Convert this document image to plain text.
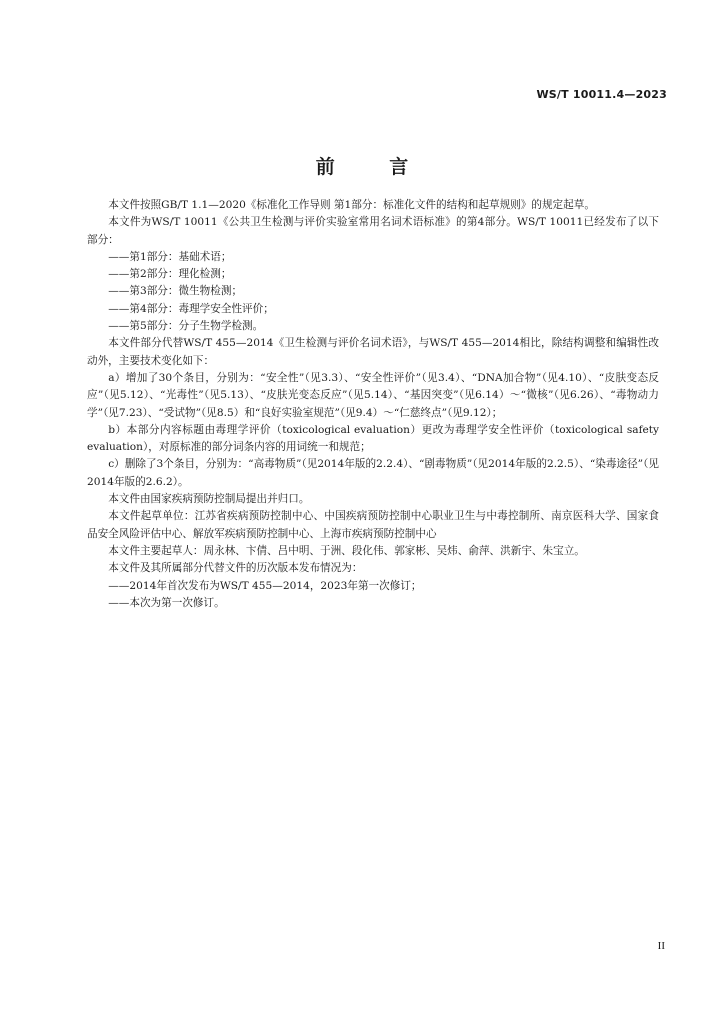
WS/T 10011.4—2023
前 言

本文件按照GB/T 1.1—2020《标准化工作导则 第1部分：标准化文件的结构和起草规则》的规定起草。

本文件为WS/T 10011《公共卫生检测与评价实验室常用名词术语标准》的第4部分。WS/T 10011已经发布了以下部分：

——第1部分：基础术语；

——第2部分：理化检测；

——第3部分：微生物检测；

——第4部分：毒理学安全性评价；

——第5部分：分子生物学检测。

本文件部分代替WS/T 455—2014《卫生检测与评价名词术语》，与WS/T 455—2014相比，除结构调整和编辑性改动外，主要技术变化如下：

a）增加了30个条目，分别为：“安全性”（见3.3）、“安全性评价”（见3.4）、“DNA加合物”（见4.10）、“皮肤变态反应”（见5.12）、“光毒性”（见5.13）、“皮肤光变态反应”（见5.14）、“基因突变”（见6.14）～“微核”（见6.26）、“毒物动力学”（见7.23）、“受试物”（见8.5）和“良好实验室规范”（见9.4）～“仁慈终点”（见9.12）；

b）本部分内容标题由毒理学评价（toxicological evaluation）更改为毒理学安全性评价（toxicological safety evaluation），对原标准的部分词条内容的用词统一和规范；

c）删除了3个条目，分别为：“高毒物质”（见2014年版的2.2.4）、“剧毒物质”（见2014年版的2.2.5）、“染毒途径”（见2014年版的2.6.2）。

本文件由国家疾病预防控制局提出并归口。

本文件起草单位：江苏省疾病预防控制中心、中国疾病预防控制中心职业卫生与中毒控制所、南京医科大学、国家食品安全风险评估中心、解放军疾病预防控制中心、上海市疾病预防控制中心

本文件主要起草人：周永林、卞倩、吕中明、于洲、段化伟、郭家彬、吴炜、俞萍、洪新宇、朱宝立。

本文件及其所属部分代替文件的历次版本发布情况为：

——2014年首次发布为WS/T 455—2014，2023年第一次修订；

——本次为第一次修订。

II
